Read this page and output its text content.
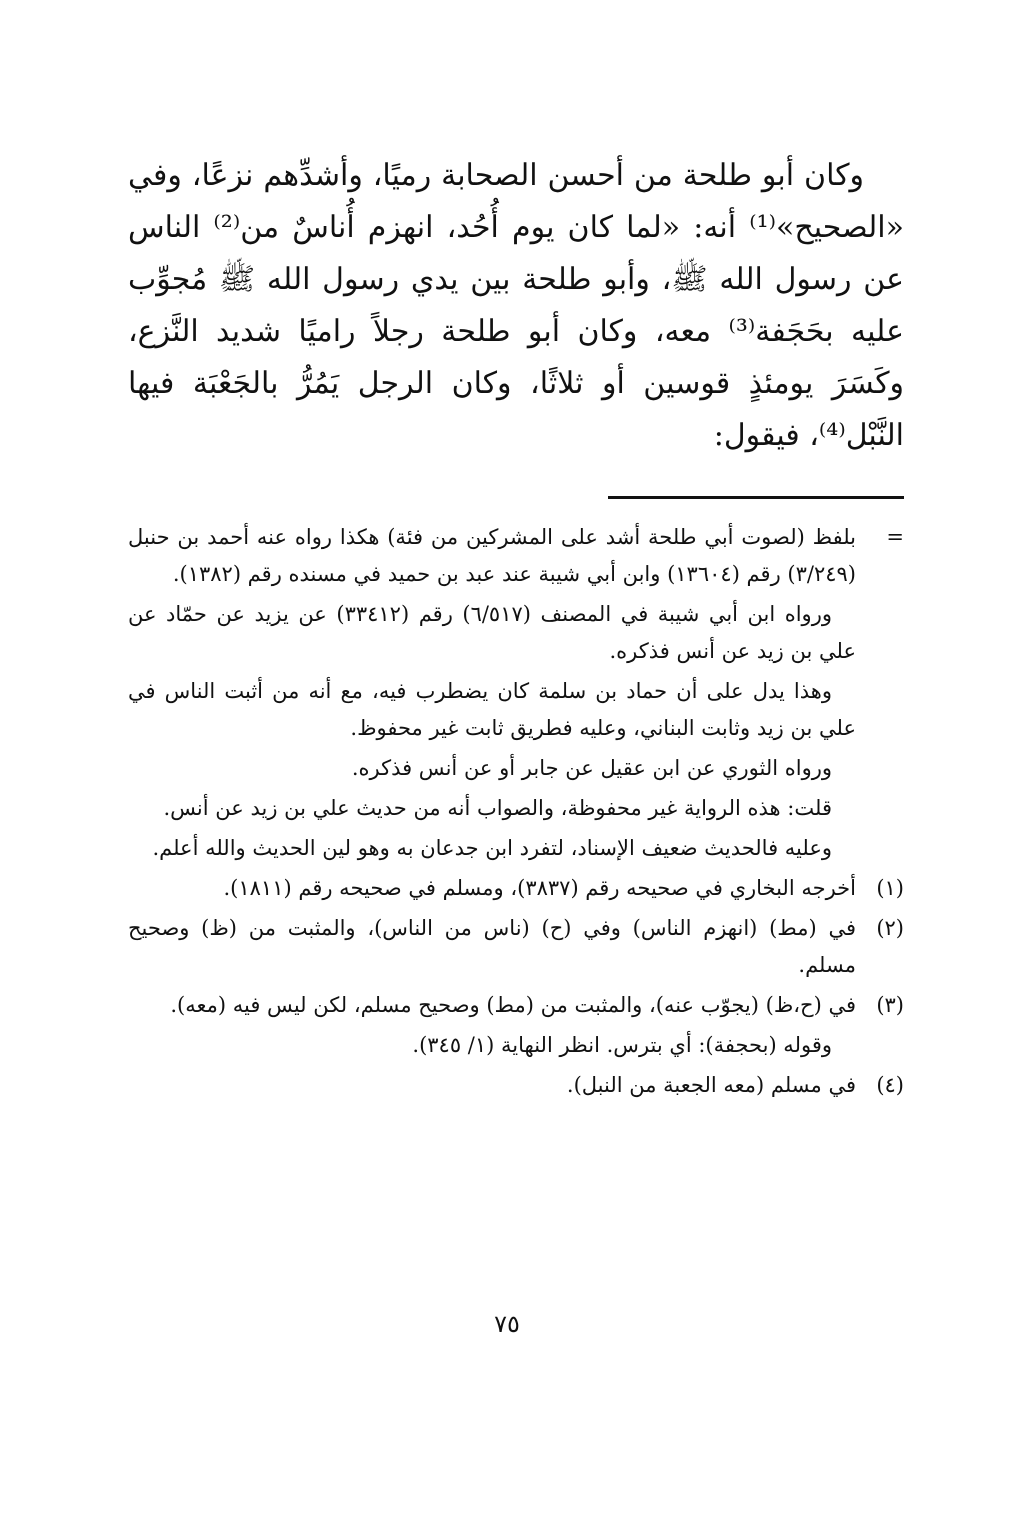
وكان أبو طلحة من أحسن الصحابة رميًا، وأشدِّهم نزعًا، وفي «الصحيح»⁽¹⁾ أنه: «لما كان يوم أُحُد، انهزم أُناسٌ من⁽²⁾ الناس عن رسول الله ﷺ، وأبو طلحة بين يدي رسول الله ﷺ مُجوِّب عليه بحَجَفة⁽³⁾ معه، وكان أبو طلحة رجلاً راميًا شديد النَّزع، وكَسَرَ يومئذٍ قوسين أو ثلاثًا، وكان الرجل يَمُرُّ بالجَعْبَة فيها النَّبْل⁽⁴⁾، فيقول:

=
بلفظ (لصوت أبي طلحة أشد على المشركين من فئة) هكذا رواه عنه أحمد بن حنبل (٣/٢٤٩) رقم (١٣٦٠٤) وابن أبي شيبة عند عبد بن حميد في مسنده رقم (١٣٨٢).
ورواه ابن أبي شيبة في المصنف (٦/٥١٧) رقم (٣٣٤١٢) عن يزيد عن حمّاد عن علي بن زيد عن أنس فذكره.
وهذا يدل على أن حماد بن سلمة كان يضطرب فيه، مع أنه من أثبت الناس في علي بن زيد وثابت البناني، وعليه فطريق ثابت غير محفوظ.
ورواه الثوري عن ابن عقيل عن جابر أو عن أنس فذكره.
قلت: هذه الرواية غير محفوظة، والصواب أنه من حديث علي بن زيد عن أنس.
وعليه فالحديث ضعيف الإسناد، لتفرد ابن جدعان به وهو لين الحديث والله أعلم.
(١)
أخرجه البخاري في صحيحه رقم (٣٨٣٧)، ومسلم في صحيحه رقم (١٨١١).
(٢)
في (مط) (انهزم الناس) وفي (ح) (ناس من الناس)، والمثبت من (ظ) وصحيح مسلم.
(٣)
في (ح،ظ) (يجوّب عنه)، والمثبت من (مط) وصحيح مسلم، لكن ليس فيه (معه).
وقوله (بحجفة): أي بترس. انظر النهاية (١/ ٣٤٥).
(٤)
في مسلم (معه الجعبة من النبل).
٧٥
